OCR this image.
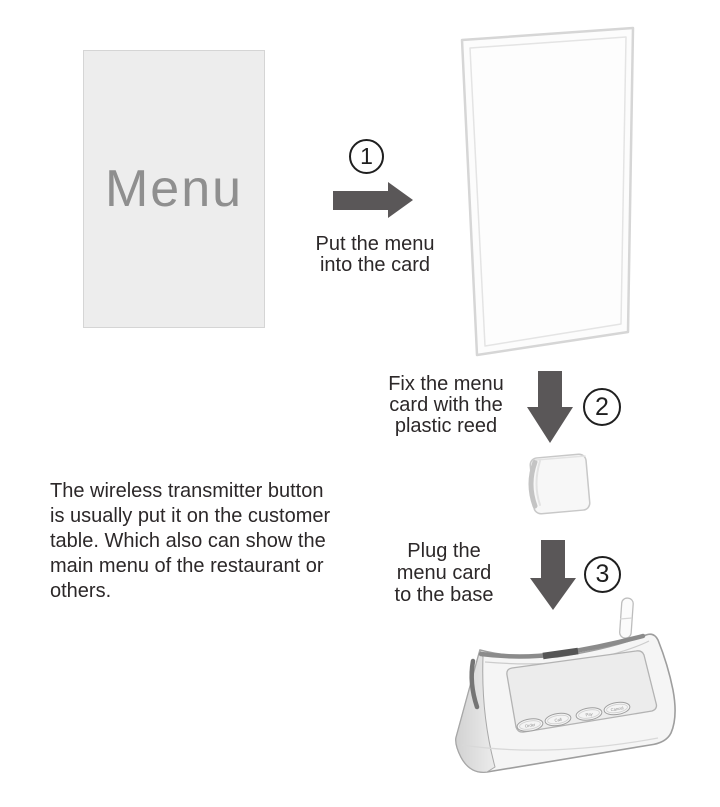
Menu
1
Put the menu
into the card
Fix the menu
card with the
plastic reed
2
The wireless transmitter button
is usually put it on the customer
table. Which also can show the
main menu of the restaurant or
others.
Plug the
menu card
to the base
3
Order
Call
Pay
Cancel
